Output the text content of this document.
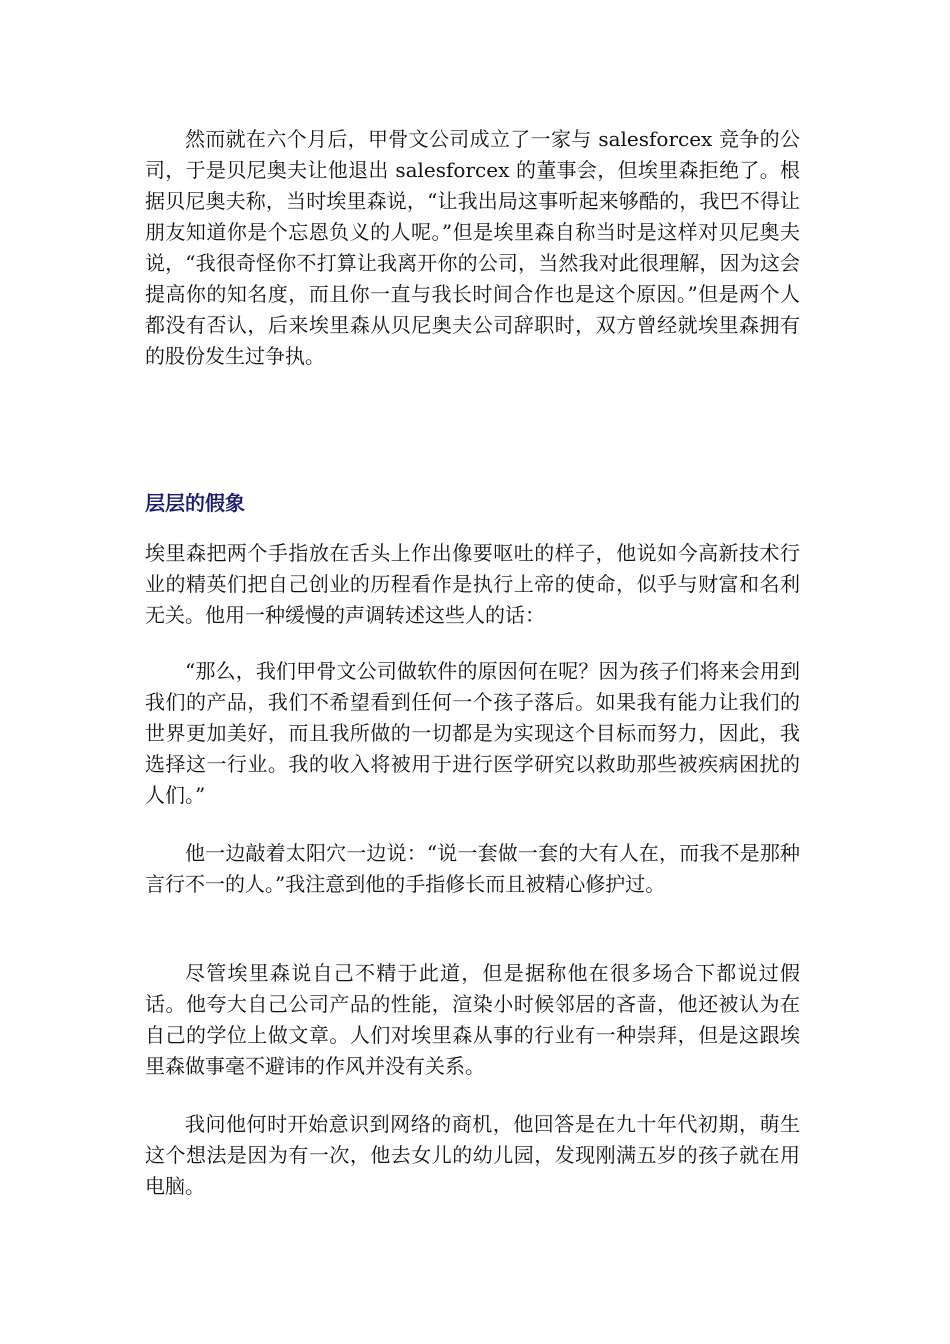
然而就在六个月后，甲骨文公司成立了一家与 salesforcex 竞争的公司，于是贝尼奥夫让他退出 salesforcex 的董事会，但埃里森拒绝了。根据贝尼奥夫称，当时埃里森说，“让我出局这事听起来够酷的，我巴不得让朋友知道你是个忘恩负义的人呢。”但是埃里森自称当时是这样对贝尼奥夫说，“我很奇怪你不打算让我离开你的公司，当然我对此很理解，因为这会提高你的知名度，而且你一直与我长时间合作也是这个原因。”但是两个人都没有否认，后来埃里森从贝尼奥夫公司辞职时，双方曾经就埃里森拥有的股份发生过争执。

层层的假象

埃里森把两个手指放在舌头上作出像要呕吐的样子，他说如今高新技术行业的精英们把自己创业的历程看作是执行上帝的使命，似乎与财富和名利无关。他用一种缓慢的声调转述这些人的话：

“那么，我们甲骨文公司做软件的原因何在呢？因为孩子们将来会用到我们的产品，我们不希望看到任何一个孩子落后。如果我有能力让我们的世界更加美好，而且我所做的一切都是为实现这个目标而努力，因此，我选择这一行业。我的收入将被用于进行医学研究以救助那些被疾病困扰的人们。”

他一边敲着太阳穴一边说：“说一套做一套的大有人在，而我不是那种言行不一的人。”我注意到他的手指修长而且被精心修护过。

尽管埃里森说自己不精于此道，但是据称他在很多场合下都说过假话。他夸大自己公司产品的性能，渲染小时候邻居的吝啬，他还被认为在自己的学位上做文章。人们对埃里森从事的行业有一种崇拜，但是这跟埃里森做事毫不避讳的作风并没有关系。

我问他何时开始意识到网络的商机，他回答是在九十年代初期，萌生这个想法是因为有一次，他去女儿的幼儿园，发现刚满五岁的孩子就在用电脑。
